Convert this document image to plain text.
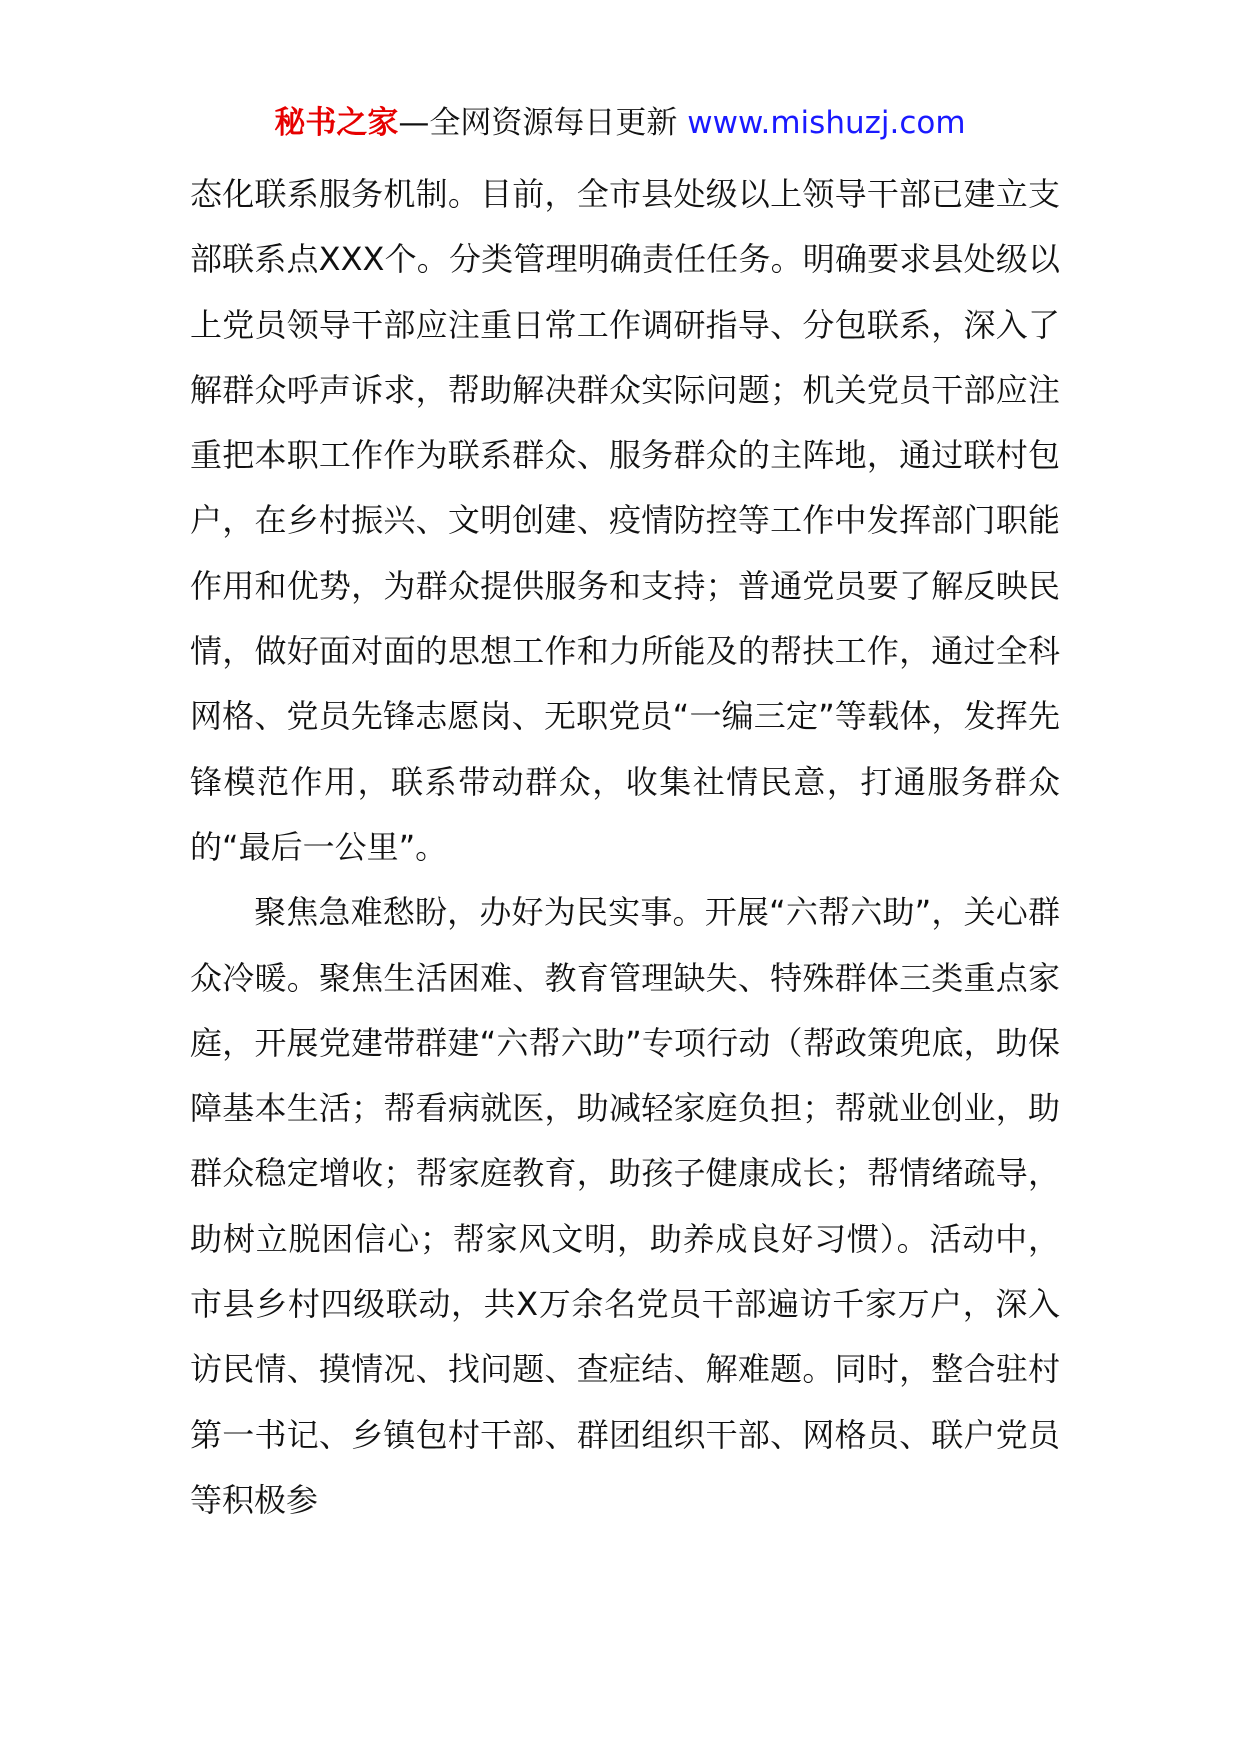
秘书之家—全网资源每日更新 www.mishuzj.com

态化联系服务机制。目前，全市县处级以上领导干部已建立支部联系点XXX个。分类管理明确责任任务。明确要求县处级以上党员领导干部应注重日常工作调研指导、分包联系，深入了解群众呼声诉求，帮助解决群众实际问题；机关党员干部应注重把本职工作作为联系群众、服务群众的主阵地，通过联村包户，在乡村振兴、文明创建、疫情防控等工作中发挥部门职能作用和优势，为群众提供服务和支持；普通党员要了解反映民情，做好面对面的思想工作和力所能及的帮扶工作，通过全科网格、党员先锋志愿岗、无职党员“一编三定”等载体，发挥先锋模范作用，联系带动群众，收集社情民意，打通服务群众的“最后一公里”。

聚焦急难愁盼，办好为民实事。开展“六帮六助”，关心群众冷暖。聚焦生活困难、教育管理缺失、特殊群体三类重点家庭，开展党建带群建“六帮六助”专项行动（帮政策兜底，助保障基本生活；帮看病就医，助减轻家庭负担；帮就业创业，助群众稳定增收；帮家庭教育，助孩子健康成长；帮情绪疏导，助树立脱困信心；帮家风文明，助养成良好习惯）。活动中，市县乡村四级联动，共X万余名党员干部遍访千家万户，深入访民情、摸情况、找问题、查症结、解难题。同时，整合驻村第一书记、乡镇包村干部、群团组织干部、网格员、联户党员等积极参
